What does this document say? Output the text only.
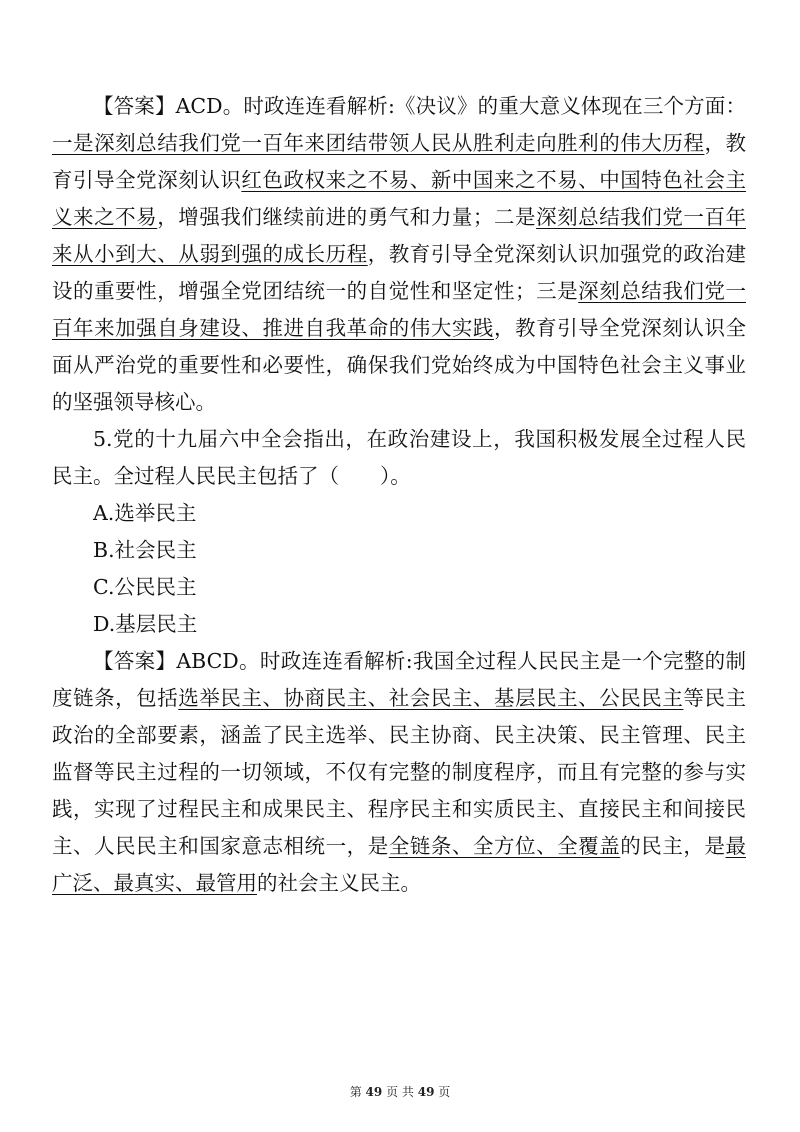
【答案】ACD。时政连连看解析:《决议》的重大意义体现在三个方面：一是深刻总结我们党一百年来团结带领人民从胜利走向胜利的伟大历程，教育引导全党深刻认识红色政权来之不易、新中国来之不易、中国特色社会主义来之不易，增强我们继续前进的勇气和力量；二是深刻总结我们党一百年来从小到大、从弱到强的成长历程，教育引导全党深刻认识加强党的政治建设的重要性，增强全党团结统一的自觉性和坚定性；三是深刻总结我们党一百年来加强自身建设、推进自我革命的伟大实践，教育引导全党深刻认识全面从严治党的重要性和必要性，确保我们党始终成为中国特色社会主义事业的坚强领导核心。

5.党的十九届六中全会指出，在政治建设上，我国积极发展全过程人民民主。全过程人民民主包括了（　　）。

A.选举民主

B.社会民主

C.公民民主

D.基层民主

【答案】ABCD。时政连连看解析:我国全过程人民民主是一个完整的制度链条，包括选举民主、协商民主、社会民主、基层民主、公民民主等民主政治的全部要素，涵盖了民主选举、民主协商、民主决策、民主管理、民主监督等民主过程的一切领域，不仅有完整的制度程序，而且有完整的参与实践，实现了过程民主和成果民主、程序民主和实质民主、直接民主和间接民主、人民民主和国家意志相统一，是全链条、全方位、全覆盖的民主，是最广泛、最真实、最管用的社会主义民主。

第 49 页 共 49 页
